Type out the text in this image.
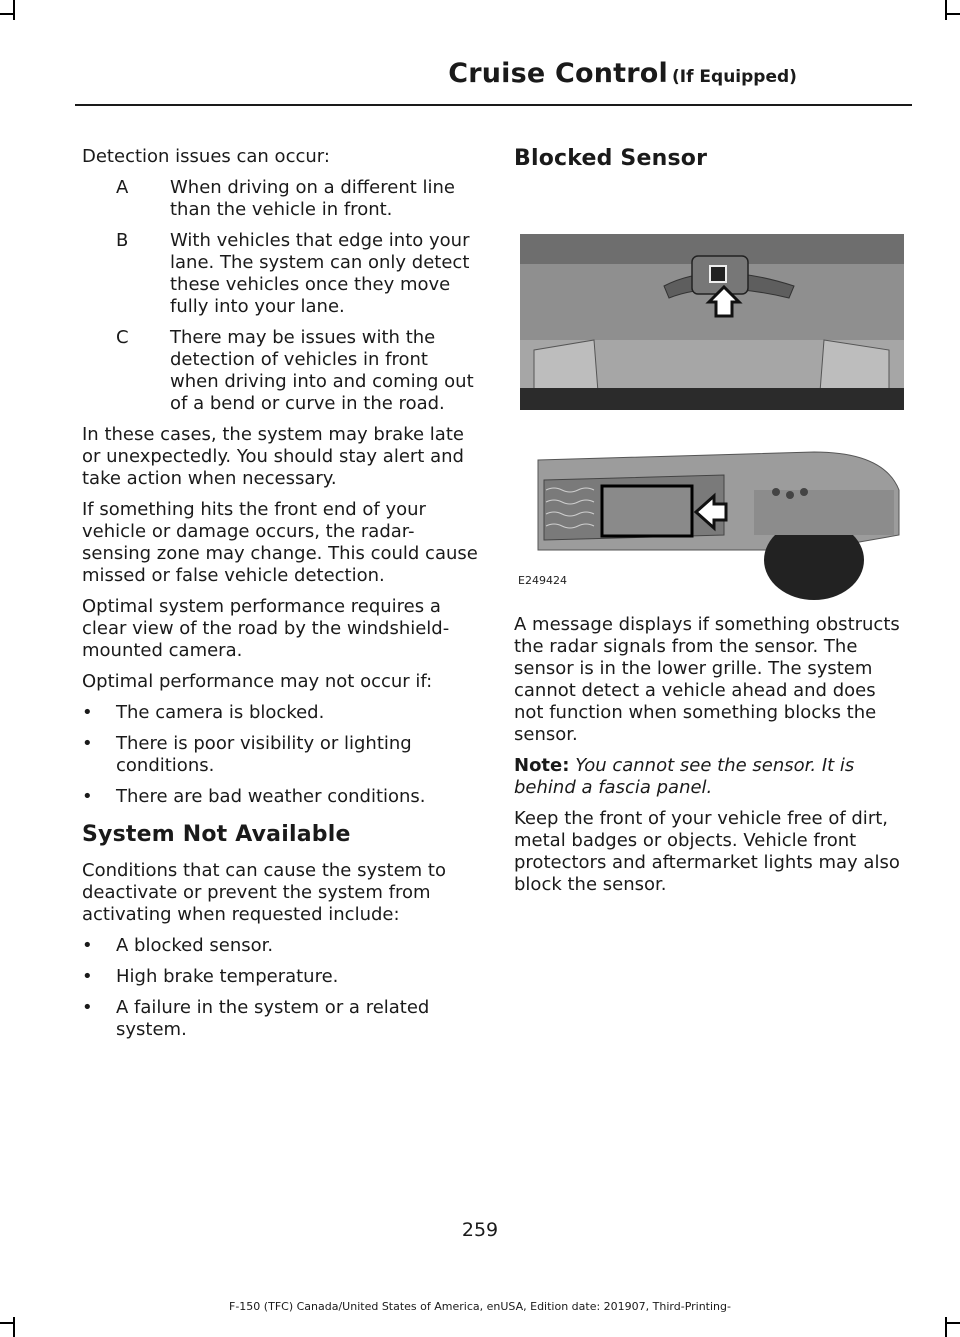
Cruise Control (If Equipped)
Detection issues can occur:
A When driving on a different line than the vehicle in front.
B With vehicles that edge into your lane. The system can only detect these vehicles once they move fully into your lane.
C There may be issues with the detection of vehicles in front when driving into and coming out of a bend or curve in the road.
In these cases, the system may brake late or unexpectedly. You should stay alert and take action when necessary.
If something hits the front end of your vehicle or damage occurs, the radar-sensing zone may change. This could cause missed or false vehicle detection.
Optimal system performance requires a clear view of the road by the windshield-mounted camera.
Optimal performance may not occur if:
• The camera is blocked.
• There is poor visibility or lighting conditions.
• There are bad weather conditions.
System Not Available
Conditions that can cause the system to deactivate or prevent the system from activating when requested include:
• A blocked sensor.
• High brake temperature.
• A failure in the system or a related system.
Blocked Sensor
E249424
A message displays if something obstructs the radar signals from the sensor. The sensor is in the lower grille. The system cannot detect a vehicle ahead and does not function when something blocks the sensor.
Note: You cannot see the sensor. It is behind a fascia panel.
Keep the front of your vehicle free of dirt, metal badges or objects. Vehicle front protectors and aftermarket lights may also block the sensor.
259
F-150 (TFC) Canada/United States of America, enUSA, Edition date: 201907, Third-Printing-
